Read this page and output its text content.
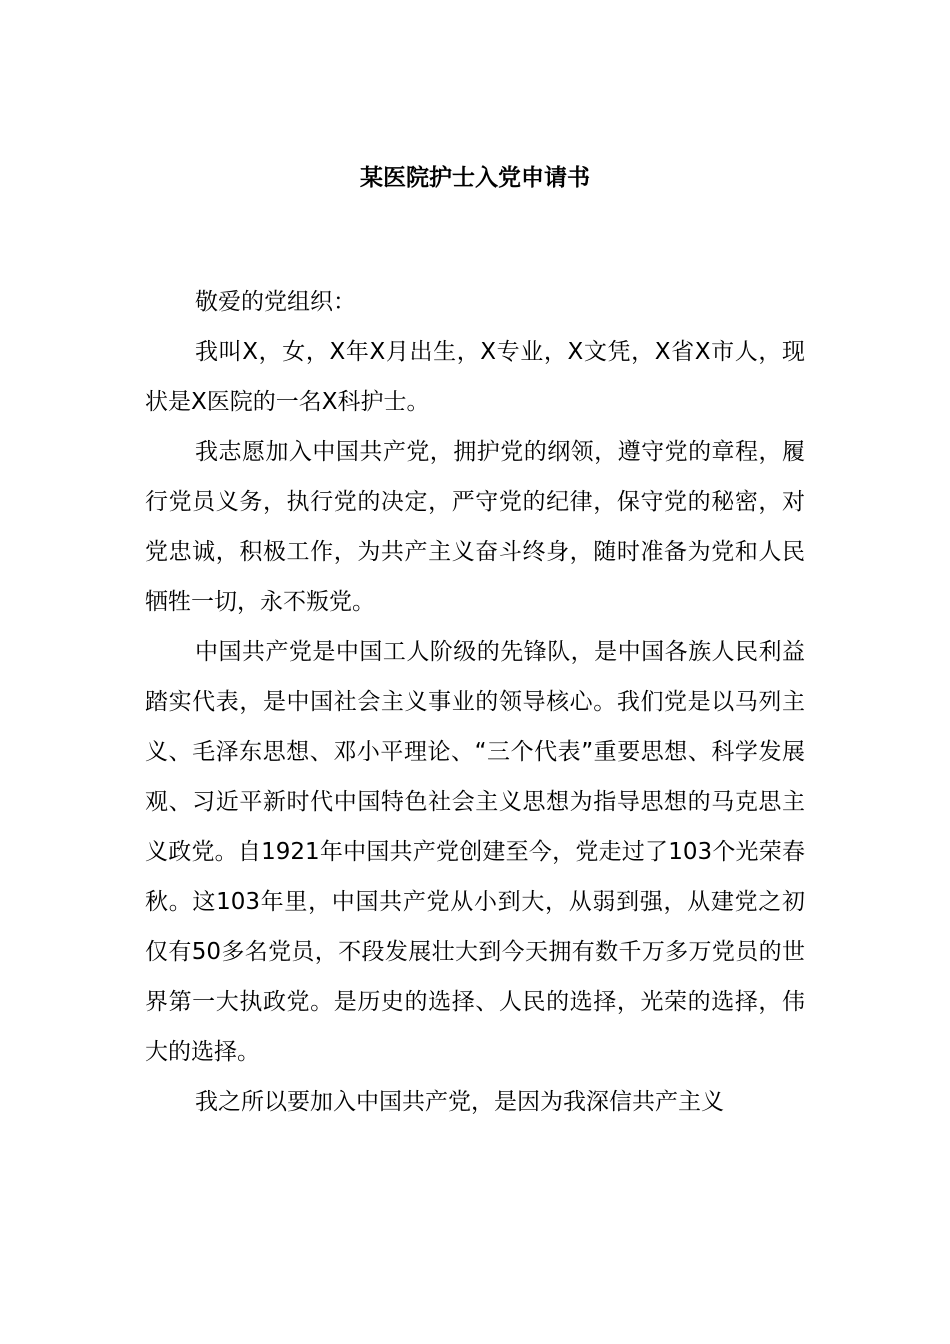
某医院护士入党申请书

敬爱的党组织：

我叫X，女，X年X月出生，X专业，X文凭，X省X市人，现状是X医院的一名X科护士。

我志愿加入中国共产党，拥护党的纲领，遵守党的章程，履行党员义务，执行党的决定，严守党的纪律，保守党的秘密，对党忠诚，积极工作，为共产主义奋斗终身，随时准备为党和人民牺牲一切，永不叛党。

中国共产党是中国工人阶级的先锋队，是中国各族人民利益踏实代表，是中国社会主义事业的领导核心。我们党是以马列主义、毛泽东思想、邓小平理论、“三个代表”重要思想、科学发展观、习近平新时代中国特色社会主义思想为指导思想的马克思主义政党。自1921年中国共产党创建至今，党走过了103个光荣春秋。这103年里，中国共产党从小到大，从弱到强，从建党之初仅有50多名党员，不段发展壮大到今天拥有数千万多万党员的世界第一大执政党。是历史的选择、人民的选择，光荣的选择，伟大的选择。

我之所以要加入中国共产党，是因为我深信共产主义
